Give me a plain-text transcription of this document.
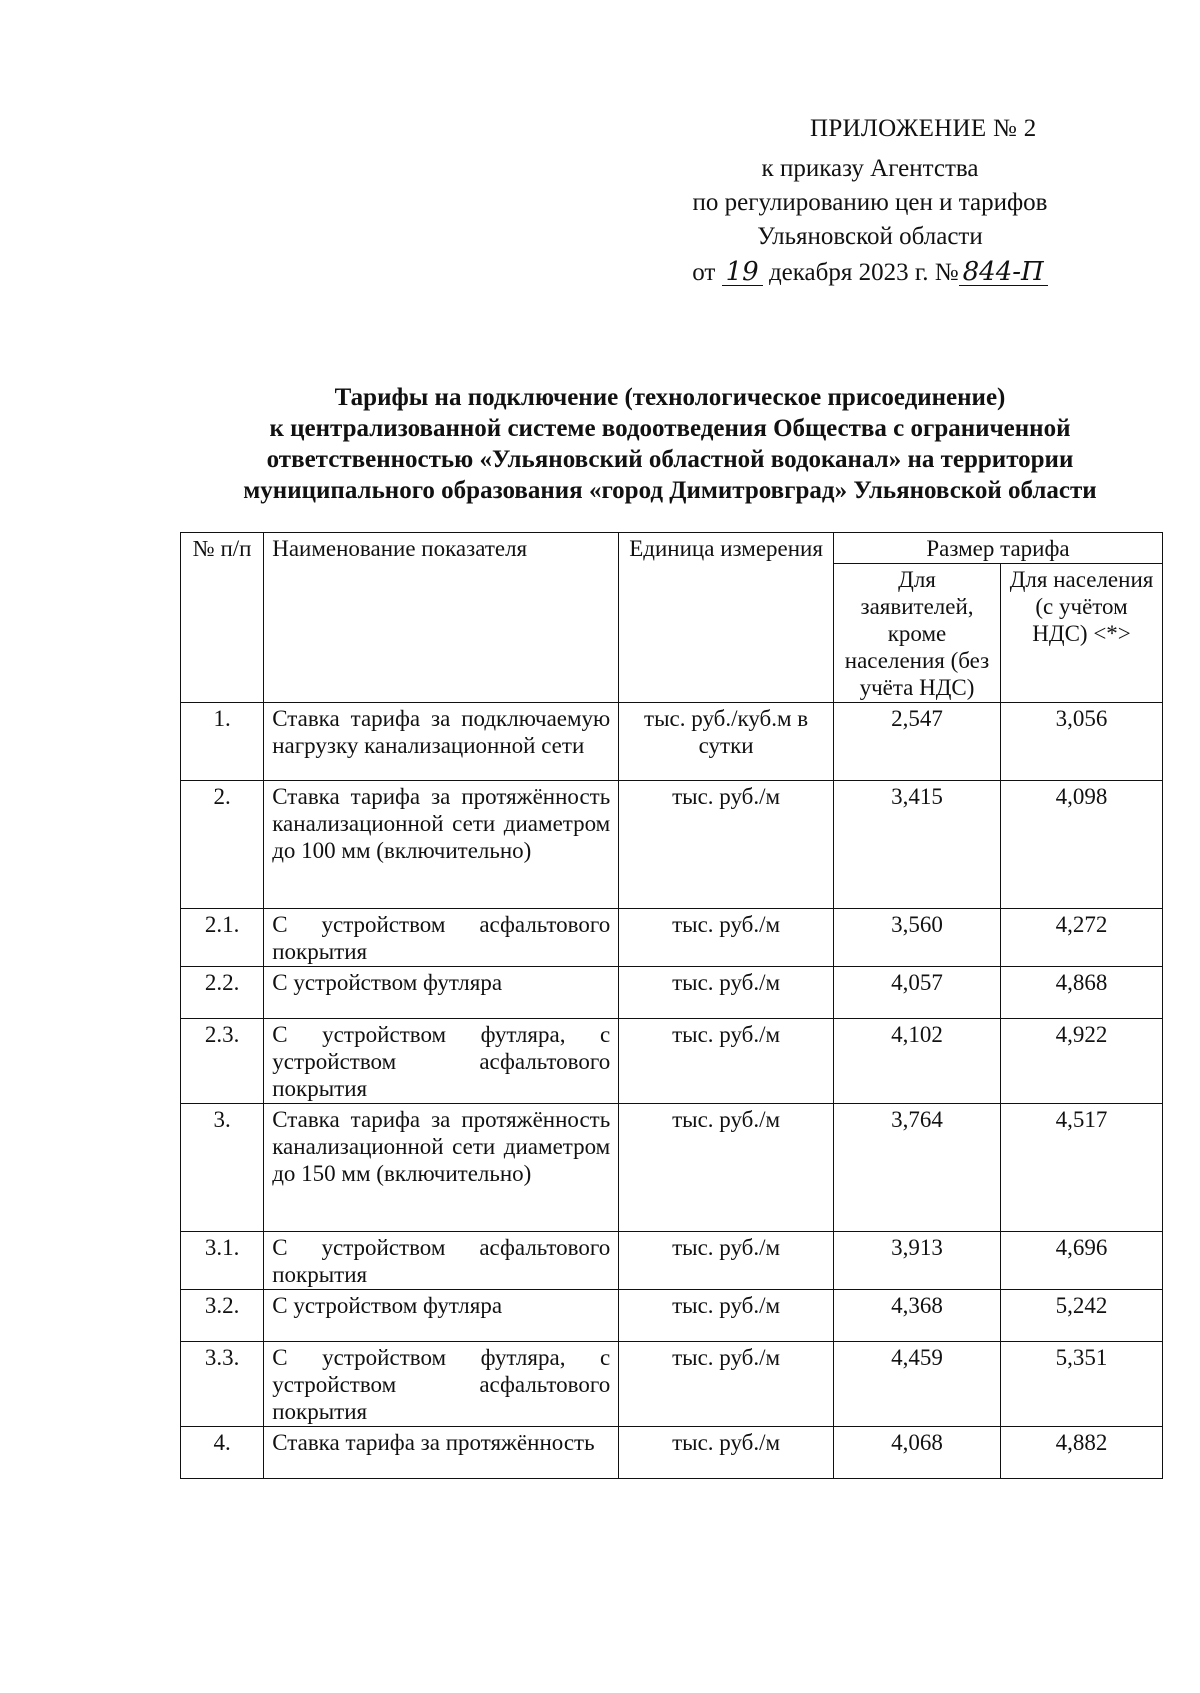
ПРИЛОЖЕНИЕ № 2
к приказу Агентства
по регулированию цен и тарифов
Ульяновской области
от 19 декабря 2023 г. № 844-П
Тарифы на подключение (технологическое присоединение)
к централизованной системе водоотведения Общества с ограниченной
ответственностью «Ульяновский областной водоканал» на территории
муниципального образования «город Димитровград» Ульяновской области
№ п/п	Наименование показателя	Единица измерения	Размер тарифа	
			Для заявителей, кроме населения (без учёта НДС)	Для населения (с учётом НДС) <*>
1.	Ставка тарифа за подключаемую нагрузку канализационной сети	тыс. руб./куб.м в сутки	2,547	3,056
2.	Ставка тарифа за протяжённость канализационной сети диаметром до 100 мм (включительно)	тыс. руб./м	3,415	4,098
2.1.	С устройством асфальтового покрытия	тыс. руб./м	3,560	4,272
2.2.	С устройством футляра	тыс. руб./м	4,057	4,868
2.3.	С устройством футляра, с устройством асфальтового покрытия	тыс. руб./м	4,102	4,922
3.	Ставка тарифа за протяжённость канализационной сети диаметром до 150 мм (включительно)	тыс. руб./м	3,764	4,517
3.1.	С устройством асфальтового покрытия	тыс. руб./м	3,913	4,696
3.2.	С устройством футляра	тыс. руб./м	4,368	5,242
3.3.	С устройством футляра, с устройством асфальтового покрытия	тыс. руб./м	4,459	5,351
4.	Ставка тарифа за протяжённость	тыс. руб./м	4,068	4,882
